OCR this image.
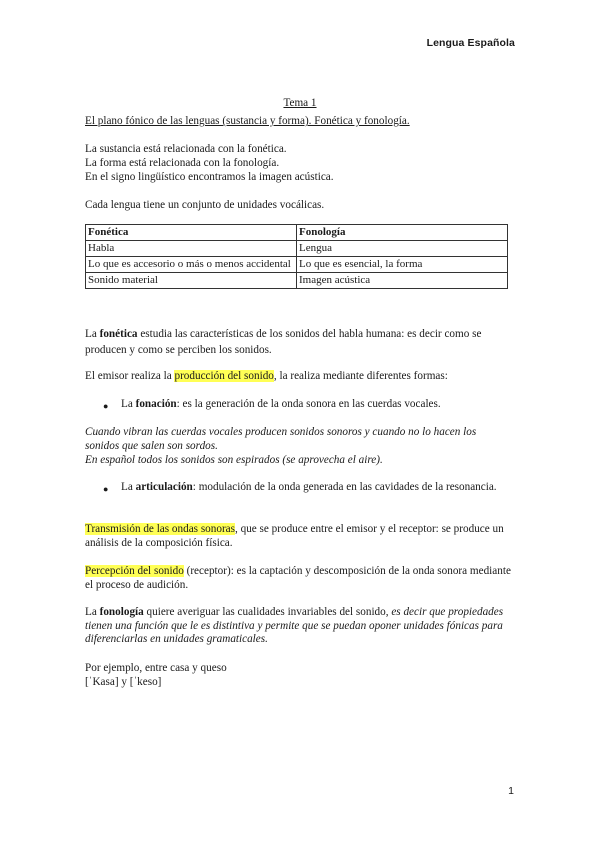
Lengua Española
Tema 1
El plano fónico de las lenguas (sustancia y forma). Fonética y fonología.
La sustancia está relacionada con la fonética.
La forma está relacionada con la fonología.
En el signo lingüístico encontramos la imagen acústica.
Cada lengua tiene un conjunto de unidades vocálicas.
Fonética	Fonología
Habla	Lengua
Lo que es accesorio o más o menos accidental	Lo que es esencial, la forma
Sonido material	Imagen acústica
La fonética estudia las características de los sonidos del habla humana: es decir como se producen y como se perciben los sonidos.
El emisor realiza la producción del sonido, la realiza mediante diferentes formas:
● La fonación: es la generación de la onda sonora en las cuerdas vocales.
Cuando vibran las cuerdas vocales producen sonidos sonoros y cuando no lo hacen los sonidos que salen son sordos.
En español todos los sonidos son espirados (se aprovecha el aire).
● La articulación: modulación de la onda generada en las cavidades de la resonancia.
Transmisión de las ondas sonoras, que se produce entre el emisor y el receptor: se produce un análisis de la composición física.
Percepción del sonido (receptor): es la captación y descomposición de la onda sonora mediante el proceso de audición.
La fonología quiere averiguar las cualidades invariables del sonido, es decir que propiedades tienen una función que le es distintiva y permite que se puedan oponer unidades fónicas para diferenciarlas en unidades gramaticales.
Por ejemplo, entre casa y queso
[ˈKasa] y [ˈkeso]
1
